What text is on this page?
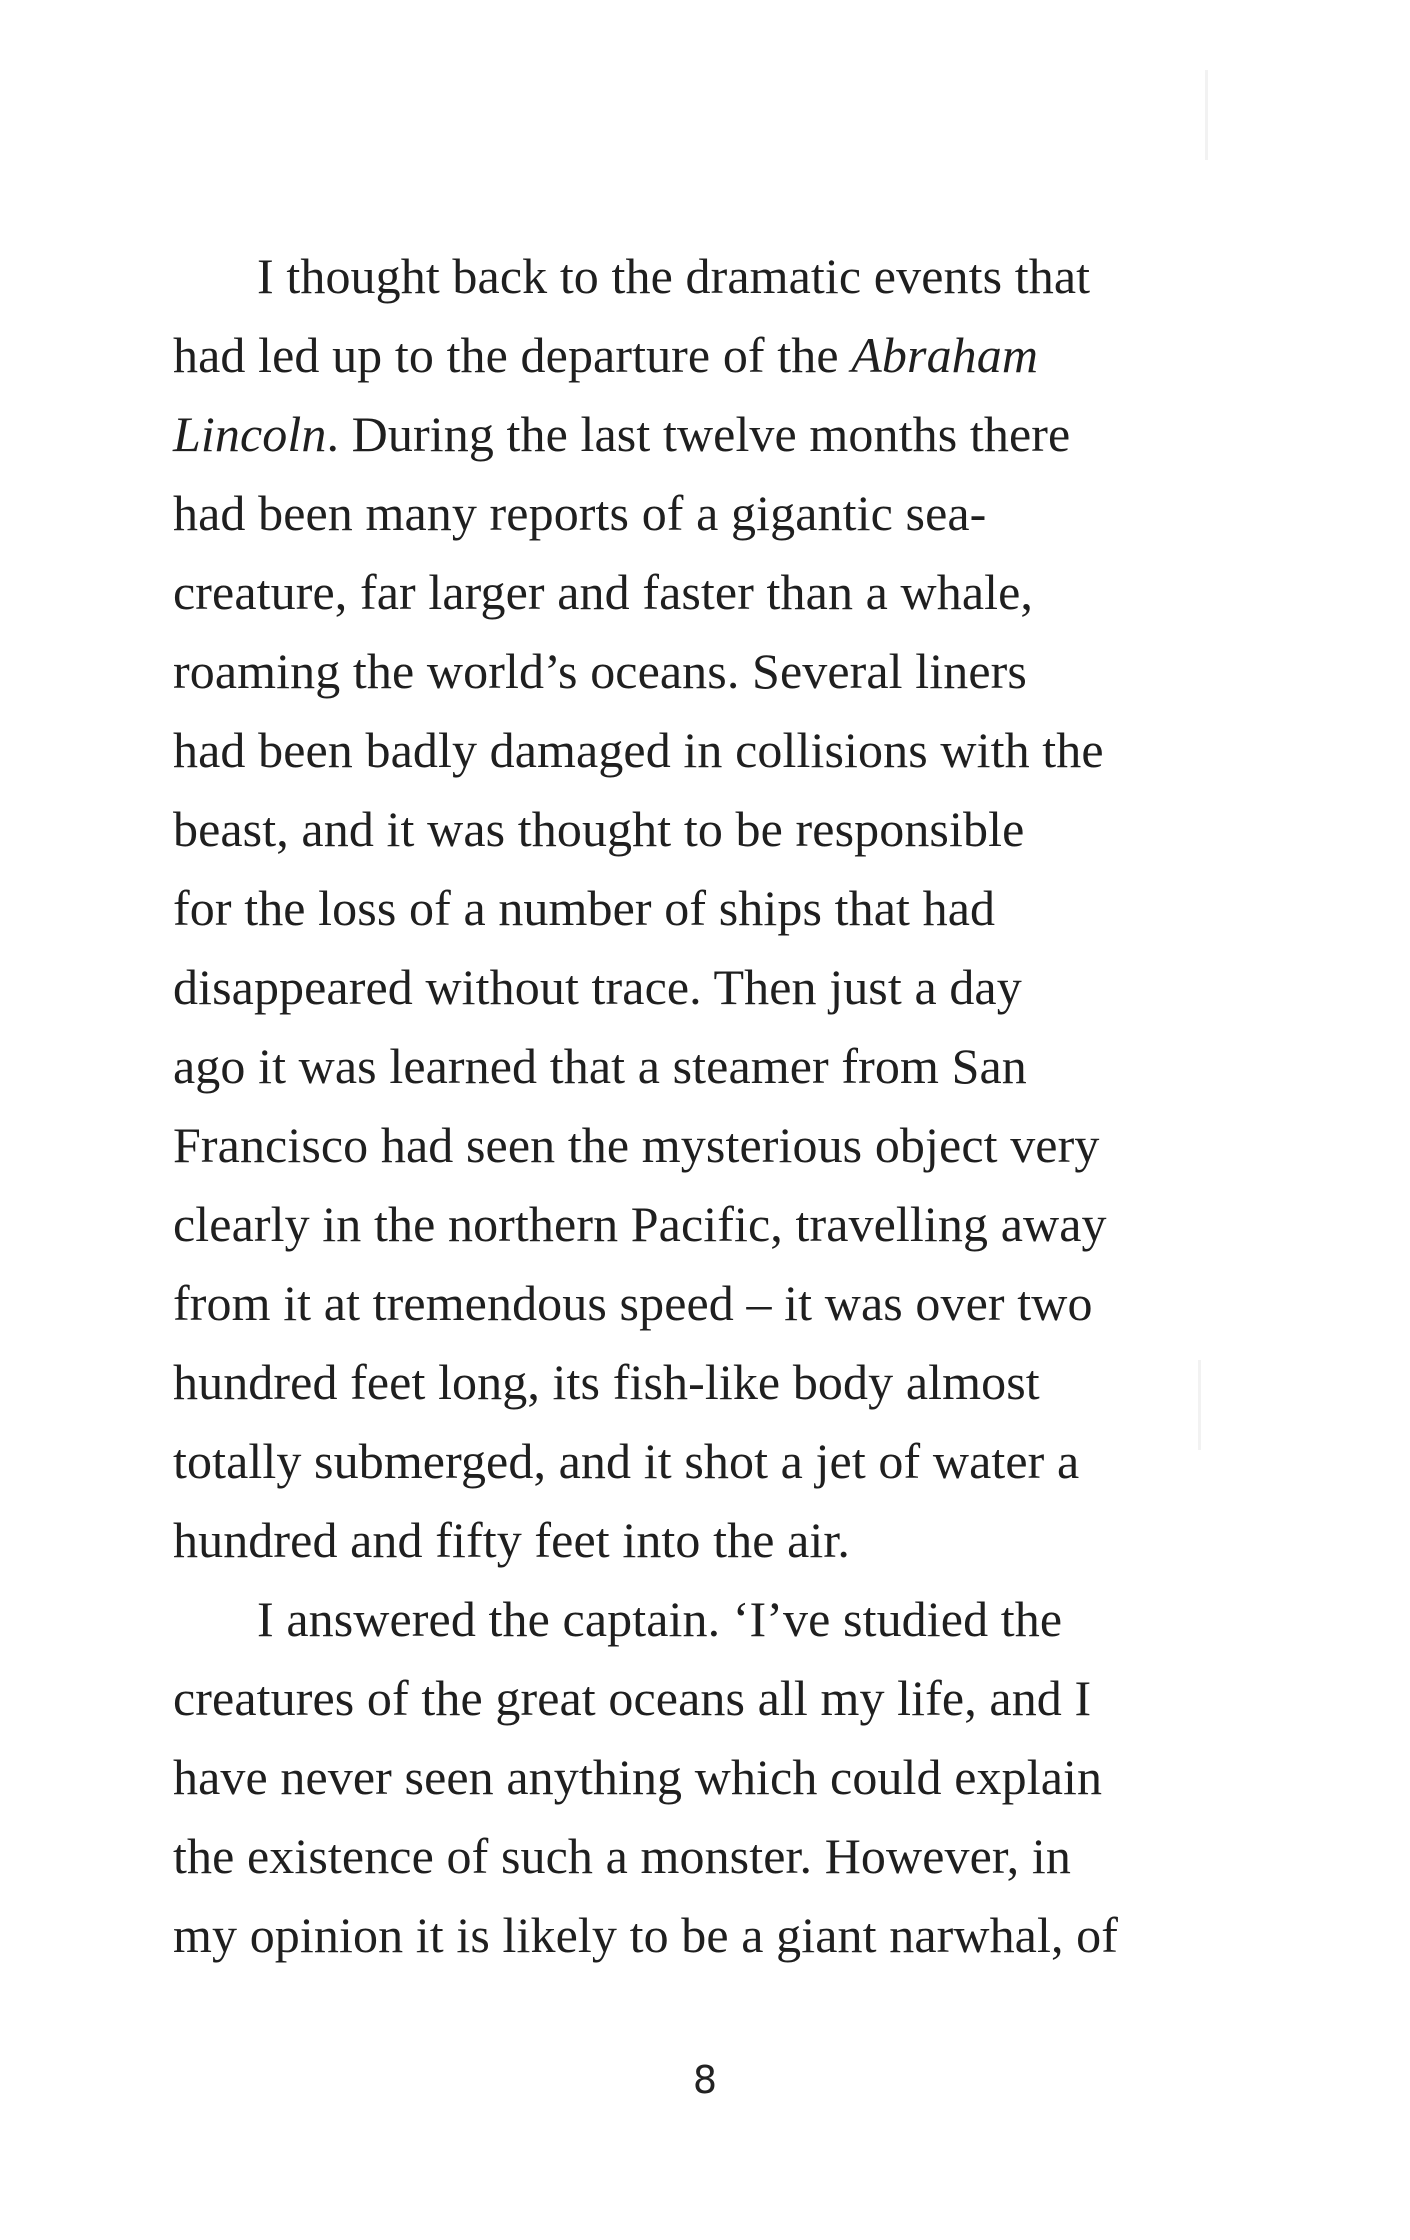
I thought back to the dramatic events that
had led up to the departure of the Abraham
Lincoln. During the last twelve months there
had been many reports of a gigantic sea-
creature, far larger and faster than a whale,
roaming the world’s oceans. Several liners
had been badly damaged in collisions with the
beast, and it was thought to be responsible
for the loss of a number of ships that had
disappeared without trace. Then just a day
ago it was learned that a steamer from San
Francisco had seen the mysterious object very
clearly in the northern Pacific, travelling away
from it at tremendous speed – it was over two
hundred feet long, its fish-like body almost
totally submerged, and it shot a jet of water a
hundred and fifty feet into the air.
I answered the captain. ‘I’ve studied the
creatures of the great oceans all my life, and I
have never seen anything which could explain
the existence of such a monster. However, in
my opinion it is likely to be a giant narwhal, of
8
